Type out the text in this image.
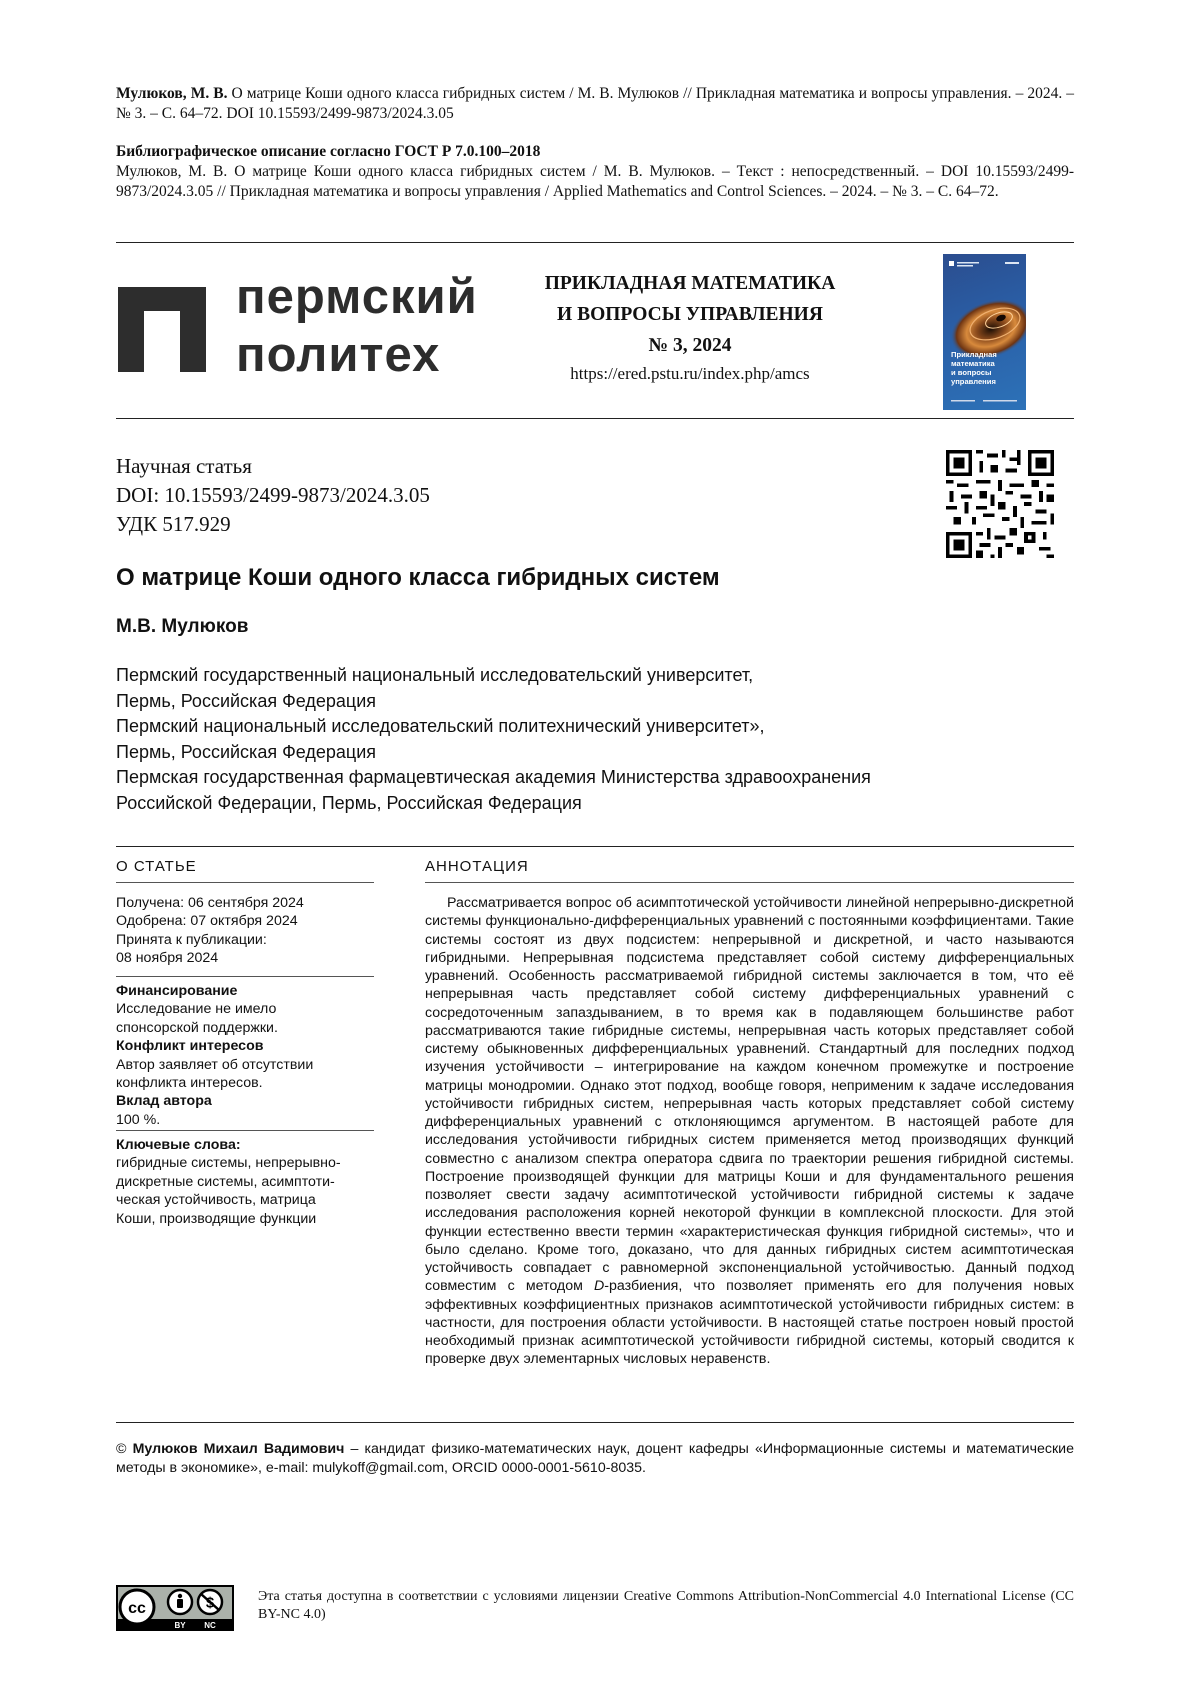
Мулюков, М. В. О матрице Коши одного класса гибридных систем / М. В. Мулюков // Прикладная математика и вопросы управления. – 2024. – № 3. – С. 64–72. DOI 10.15593/2499-9873/2024.3.05
Библиографическое описание согласно ГОСТ Р 7.0.100–2018
Мулюков, М. В. О матрице Коши одного класса гибридных систем / М. В. Мулюков. – Текст : непосредственный. – DOI 10.15593/2499-9873/2024.3.05 // Прикладная математика и вопросы управления / Applied Mathematics and Control Sciences. – 2024. – № 3. – С. 64–72.
пермский
политех
ПРИКЛАДНАЯ МАТЕМАТИКА
И ВОПРОСЫ УПРАВЛЕНИЯ
№ 3, 2024
https://ered.pstu.ru/index.php/amcs
Прикладная
математика
и вопросы
управления
Научная статья
DOI: 10.15593/2499-9873/2024.3.05
УДК 517.929
О матрице Коши одного класса гибридных систем
М.В. Мулюков
Пермский государственный национальный исследовательский университет,
Пермь, Российская Федерация
Пермский национальный исследовательский политехнический университет»,
Пермь, Российская Федерация
Пермская государственная фармацевтическая академия Министерства здравоохранения
Российской Федерации, Пермь, Российская Федерация
О СТАТЬЕ	АННОТАЦИЯ
Получена: 06 сентября 2024
Одобрена: 07 октября 2024
Принята к публикации:
08 ноября 2024
Финансирование
Исследование не имело
спонсорской поддержки.
Конфликт интересов
Автор заявляет об отсутствии
конфликта интересов.
Вклад автора
100 %.
Ключевые слова:
гибридные системы, непрерывно-
дискретные системы, асимптоти-
ческая устойчивость, матрица
Коши, производящие функции
Рассматривается вопрос об асимптотической устойчивости линейной непрерывно-дискретной системы функционально-дифференциальных уравнений с постоянными коэффициентами. Такие системы состоят из двух подсистем: непрерывной и дискретной, и часто называются гибридными. Непрерывная подсистема представляет собой систему дифференциальных уравнений. Особенность рассматриваемой гибридной системы заключается в том, что её непрерывная часть представляет собой систему дифференциальных уравнений с сосредоточенным запаздыванием, в то время как в подавляющем большинстве работ рассматриваются такие гибридные системы, непрерывная часть которых представляет собой систему обыкновенных дифференциальных уравнений. Стандартный для последних подход изучения устойчивости – интегрирование на каждом конечном промежутке и построение матрицы монодромии. Однако этот подход, вообще говоря, неприменим к задаче исследования устойчивости гибридных систем, непрерывная часть которых представляет собой систему дифференциальных уравнений с отклоняющимся аргументом. В настоящей работе для исследования устойчивости гибридных систем применяется метод производящих функций совместно с анализом спектра оператора сдвига по траектории решения гибридной системы. Построение производящей функции для матрицы Коши и для фундаментального решения позволяет свести задачу асимптотической устойчивости гибридной системы к задаче исследования расположения корней некоторой функции в комплексной плоскости. Для этой функции естественно ввести термин «характеристическая функция гибридной системы», что и было сделано. Кроме того, доказано, что для данных гибридных систем асимптотическая устойчивость совпадает с равномерной экспоненциальной устойчивостью. Данный подход совместим с методом D-разбиения, что позволяет применять его для получения новых эффективных коэффициентных признаков асимптотической устойчивости гибридных систем: в частности, для построения области устойчивости. В настоящей статье построен новый простой необходимый признак асимптотической устойчивости гибридной системы, который сводится к проверке двух элементарных числовых неравенств.
© Мулюков Михаил Вадимович – кандидат физико-математических наук, доцент кафедры «Информационные системы и математические методы в экономике», e-mail: mulykoff@gmail.com, ORCID 0000-0001-5610-8035.
cc
BY NC
Эта статья доступна в соответствии с условиями лицензии Creative Commons Attribution-NonCommercial 4.0 International License (CC BY-NC 4.0)
